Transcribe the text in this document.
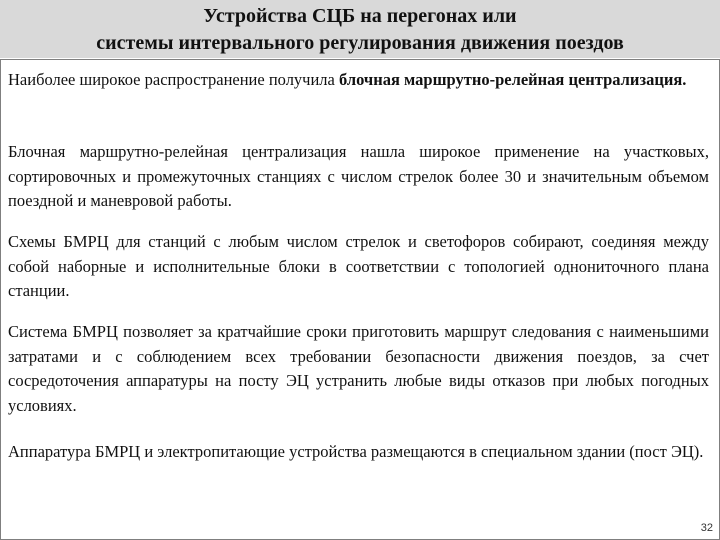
Устройства СЦБ на перегонах или
системы интервального регулирования движения поездов

Наиболее широкое распространение получила блочная маршрутно-релейная централизация.

Блочная маршрутно-релейная централизация нашла широкое применение на участковых, сортировочных и промежуточных станциях с числом стрелок более 30 и значительным объемом поездной и маневровой работы.

Схемы БМРЦ для станций с любым числом стрелок и светофоров собирают, соединяя между собой наборные и исполнительные блоки в соответствии с топологией однониточного плана станции.

Система БМРЦ позволяет за кратчайшие сроки приготовить маршрут следования с наименьшими затратами и с соблюдением всех требовании безопасности движения поездов, за счет сосредоточения аппаратуры на посту ЭЦ устранить любые виды отказов при любых погодных условиях.

Аппаратура БМРЦ и электропитающие устройства размещаются в специальном здании (пост ЭЦ).

32
